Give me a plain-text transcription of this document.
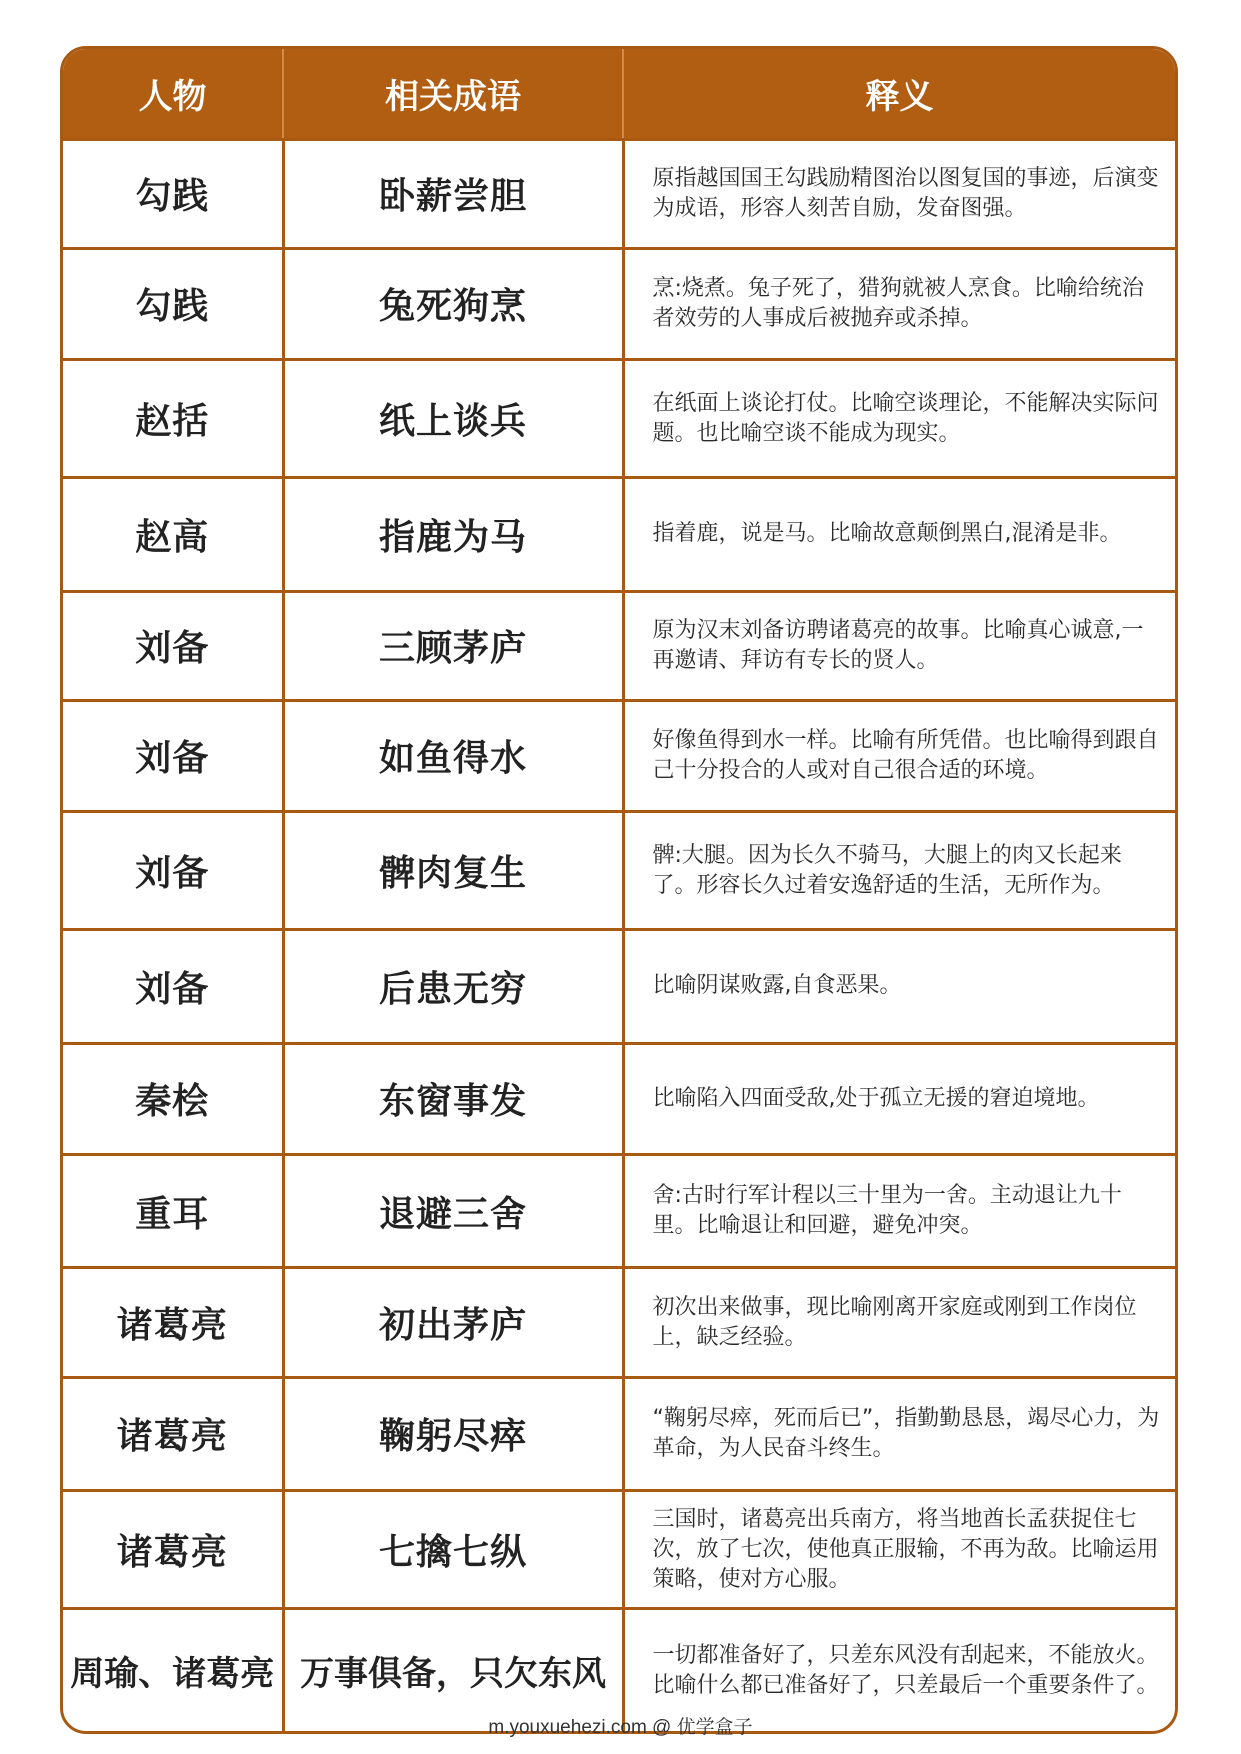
人物	相关成语	释义
勾践	卧薪尝胆	原指越国国王勾践励精图治以图复国的事迹，后演变为成语，形容人刻苦自励，发奋图强。
勾践	兔死狗烹	烹:烧煮。兔子死了，猎狗就被人烹食。比喻给统治者效劳的人事成后被抛弃或杀掉。
赵括	纸上谈兵	在纸面上谈论打仗。比喻空谈理论，不能解决实际问题。也比喻空谈不能成为现实。
赵高	指鹿为马	指着鹿，说是马。比喻故意颠倒黑白,混淆是非。
刘备	三顾茅庐	原为汉末刘备访聘诸葛亮的故事。比喻真心诚意,一再邀请、拜访有专长的贤人。
刘备	如鱼得水	好像鱼得到水一样。比喻有所凭借。也比喻得到跟自己十分投合的人或对自己很合适的环境。
刘备	髀肉复生	髀:大腿。因为长久不骑马，大腿上的肉又长起来了。形容长久过着安逸舒适的生活，无所作为。
刘备	后患无穷	比喻阴谋败露,自食恶果。
秦桧	东窗事发	比喻陷入四面受敌,处于孤立无援的窘迫境地。
重耳	退避三舍	舍:古时行军计程以三十里为一舍。主动退让九十里。比喻退让和回避，避免冲突。
诸葛亮	初出茅庐	初次出来做事，现比喻刚离开家庭或刚到工作岗位上，缺乏经验。
诸葛亮	鞠躬尽瘁	“鞠躬尽瘁，死而后已”，指勤勤恳恳，竭尽心力，为革命，为人民奋斗终生。
诸葛亮	七擒七纵	三国时，诸葛亮出兵南方，将当地酋长孟获捉住七次，放了七次，使他真正服输，不再为敌。比喻运用策略，使对方心服。
周瑜、诸葛亮	万事俱备，只欠东风	一切都准备好了，只差东风没有刮起来，不能放火。比喻什么都已准备好了，只差最后一个重要条件了。
m.youxuehezi.com @ 优学盒子
